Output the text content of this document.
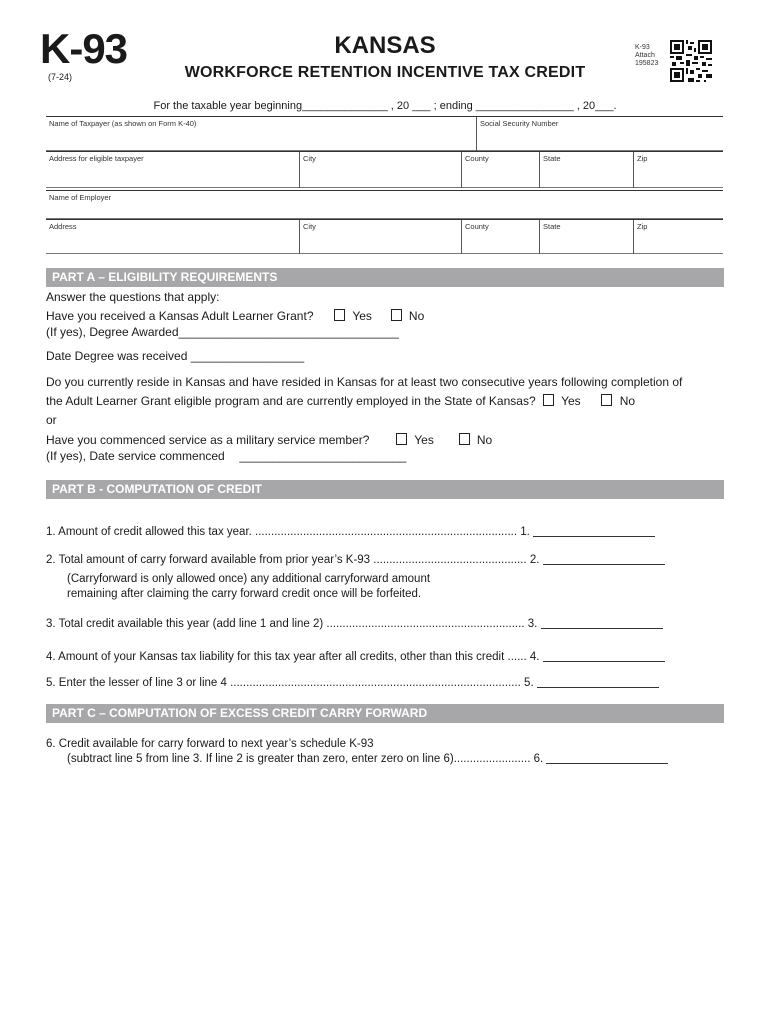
K-93
(7-24)
KANSAS
WORKFORCE RETENTION INCENTIVE TAX CREDIT
K-93
Attach
195823
For the taxable year beginning______________ , 20 ___ ; ending ________________ , 20___.
Name of Taxpayer (as shown on Form K-40)	Social Security Number
Address for eligible taxpayer	City	County	State	Zip
Name of Employer
Address	City	County	State	Zip
PART A – ELIGIBILITY REQUIREMENTS
Answer the questions that apply:
Have you received a Kansas Adult Learner Grant?	Yes	No
(If yes), Degree Awarded_________________________________
Date Degree was received _________________
Do you currently reside in Kansas and have resided in Kansas for at least two consecutive years following completion of
the Adult Learner Grant eligible program and are currently employed in the State of Kansas? Yes	No
or
Have you commenced service as a military service member?	Yes	No
(If yes), Date service commenced _________________________
PART B - COMPUTATION OF CREDIT
1. Amount of credit allowed this tax year. .................................................................................. 1.
2. Total amount of carry forward available from prior year’s K-93 ................................................ 2.
(Carryforward is only allowed once) any additional carryforward amount
remaining after claiming the carry forward credit once will be forfeited.
3. Total credit available this year (add line 1 and line 2) .............................................................. 3.
4. Amount of your Kansas tax liability for this tax year after all credits, other than this credit ...... 4.
5. Enter the lesser of line 3 or line 4 ........................................................................................... 5.
PART C – COMPUTATION OF EXCESS CREDIT CARRY FORWARD
6. Credit available for carry forward to next year’s schedule K-93
(subtract line 5 from line 3. If line 2 is greater than zero, enter zero on line 6)........................ 6.
